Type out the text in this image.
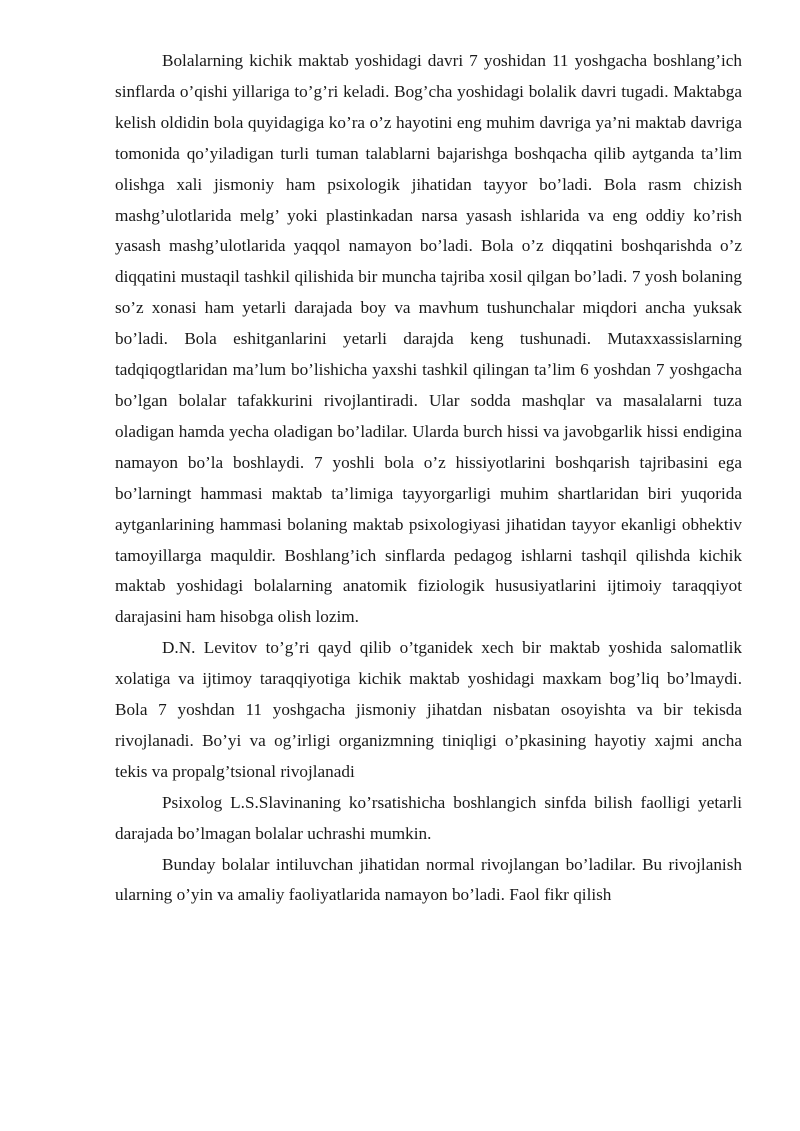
Bolalarning kichik maktab yoshidagi davri 7 yoshidan 11 yoshgacha boshlang’ich sinflarda o’qishi yillariga to’g’ri keladi. Bog’cha yoshidagi bolalik davri tugadi. Maktabga kelish oldidin bola quyidagiga ko’ra o’z hayotini eng muhim davriga ya’ni maktab davriga tomonida qo’yiladigan turli tuman talablarni bajarishga boshqacha qilib aytganda ta’lim olishga xali jismoniy ham psixologik jihatidan tayyor bo’ladi. Bola rasm chizish mashg’ulotlarida melg’ yoki plastinkadan narsa yasash ishlarida va eng oddiy ko’rish yasash mashg’ulotlarida yaqqol namayon bo’ladi. Bola o’z diqqatini boshqarishda o’z diqqatini mustaqil tashkil qilishida bir muncha tajriba xosil qilgan bo’ladi. 7 yosh bolaning so’z xonasi ham yetarli darajada boy va mavhum tushunchalar miqdori ancha yuksak bo’ladi. Bola eshitganlarini yetarli darajda keng tushunadi. Mutaxxassislarning tadqiqogtlaridan ma’lum bo’lishicha yaxshi tashkil qilingan ta’lim 6 yoshdan 7 yoshgacha bo’lgan bolalar tafakkurini rivojlantiradi. Ular sodda mashqlar va masalalarni tuza oladigan hamda yecha oladigan bo’ladilar. Ularda burch hissi va javobgarlik hissi endigina namayon bo’la boshlaydi. 7 yoshli bola o’z hissiyotlarini boshqarish tajribasini ega bo’larningt hammasi maktab ta’limiga tayyorgarligi muhim shartlaridan biri yuqorida aytganlarining hammasi bolaning maktab psixologiyasi jihatidan tayyor ekanligi obhektiv tamoyillarga maquldir. Boshlang’ich sinflarda pedagog ishlarni tashqil qilishda kichik maktab yoshidagi bolalarning anatomik fiziologik hususiyatlarini ijtimoiy taraqqiyot darajasini ham hisobga olish lozim.

D.N. Levitov to’g’ri qayd qilib o’tganidek xech bir maktab yoshida salomatlik xolatiga va ijtimoy taraqqiyotiga kichik maktab yoshidagi maxkam bog’liq bo’lmaydi. Bola 7 yoshdan 11 yoshgacha jismoniy jihatdan nisbatan osoyishta va bir tekisda rivojlanadi. Bo’yi va og’irligi organizmning tiniqligi o’pkasining hayotiy xajmi ancha tekis va propalg’tsional rivojlanadi

Psixolog L.S.Slavinaning ko’rsatishicha boshlangich sinfda bilish faolligi yetarli darajada bo’lmagan bolalar uchrashi mumkin.

Bunday bolalar intiluvchan jihatidan normal rivojlangan bo’ladilar. Bu rivojlanish ularning o’yin va amaliy faoliyatlarida namayon bo’ladi. Faol fikr qilish
